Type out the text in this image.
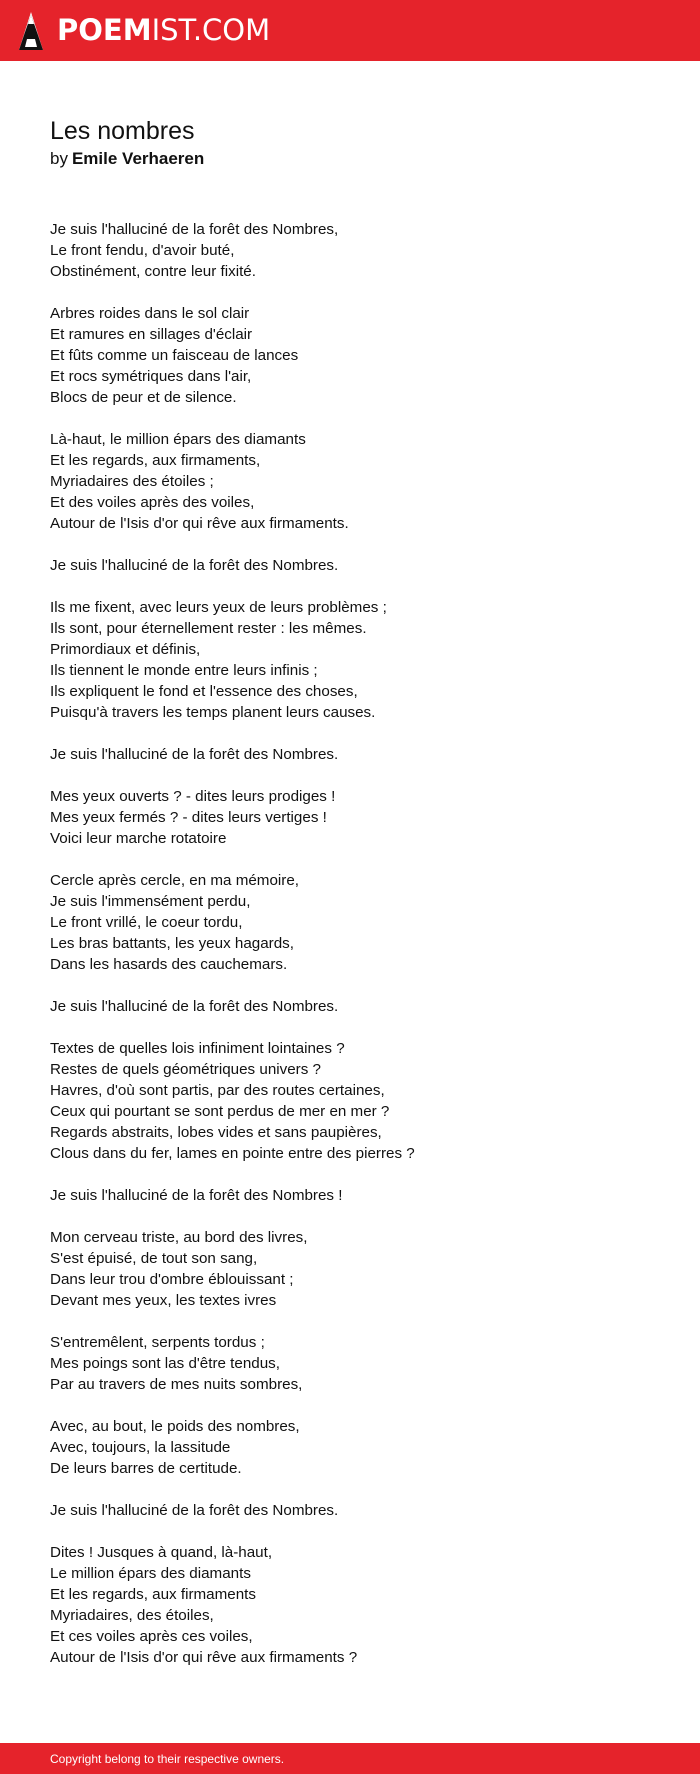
POEMIST.COM
Les nombres
by Emile Verhaeren
Je suis l'halluciné de la forêt des Nombres,
Le front fendu, d'avoir buté,
Obstinément, contre leur fixité.
Arbres roides dans le sol clair
Et ramures en sillages d'éclair
Et fûts comme un faisceau de lances
Et rocs symétriques dans l'air,
Blocs de peur et de silence.
Là-haut, le million épars des diamants
Et les regards, aux firmaments,
Myriadaires des étoiles ;
Et des voiles après des voiles,
Autour de l'Isis d'or qui rêve aux firmaments.
Je suis l'halluciné de la forêt des Nombres.
Ils me fixent, avec leurs yeux de leurs problèmes ;
Ils sont, pour éternellement rester : les mêmes.
Primordiaux et définis,
Ils tiennent le monde entre leurs infinis ;
Ils expliquent le fond et l'essence des choses,
Puisqu'à travers les temps planent leurs causes.
Je suis l'halluciné de la forêt des Nombres.
Mes yeux ouverts ? - dites leurs prodiges !
Mes yeux fermés ? - dites leurs vertiges !
Voici leur marche rotatoire
Cercle après cercle, en ma mémoire,
Je suis l'immensément perdu,
Le front vrillé, le coeur tordu,
Les bras battants, les yeux hagards,
Dans les hasards des cauchemars.
Je suis l'halluciné de la forêt des Nombres.
Textes de quelles lois infiniment lointaines ?
Restes de quels géométriques univers ?
Havres, d'où sont partis, par des routes certaines,
Ceux qui pourtant se sont perdus de mer en mer ?
Regards abstraits, lobes vides et sans paupières,
Clous dans du fer, lames en pointe entre des pierres ?
Je suis l'halluciné de la forêt des Nombres !
Mon cerveau triste, au bord des livres,
S'est épuisé, de tout son sang,
Dans leur trou d'ombre éblouissant ;
Devant mes yeux, les textes ivres
S'entremêlent, serpents tordus ;
Mes poings sont las d'être tendus,
Par au travers de mes nuits sombres,
Avec, au bout, le poids des nombres,
Avec, toujours, la lassitude
De leurs barres de certitude.
Je suis l'halluciné de la forêt des Nombres.
Dites ! Jusques à quand, là-haut,
Le million épars des diamants
Et les regards, aux firmaments
Myriadaires, des étoiles,
Et ces voiles après ces voiles,
Autour de l'Isis d'or qui rêve aux firmaments ?
Copyright belong to their respective owners.
